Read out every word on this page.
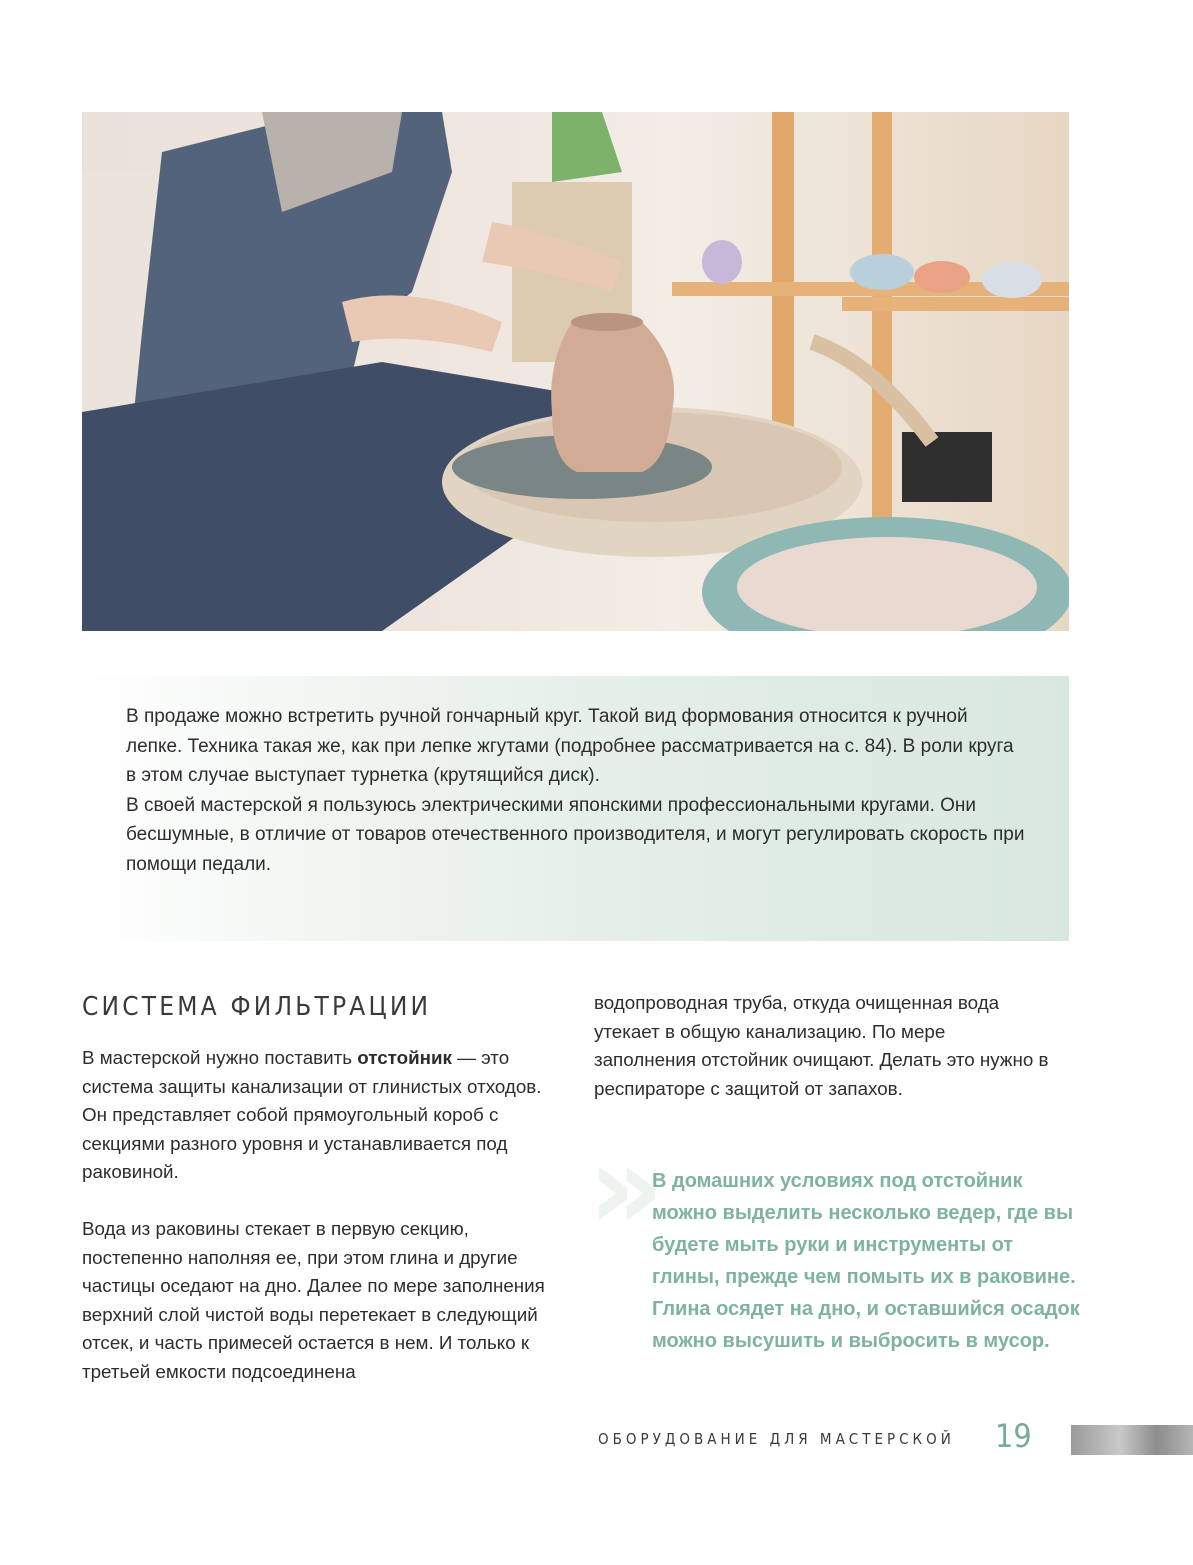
В продаже можно встретить ручной гончарный круг. Такой вид формования относится к ручной лепке. Техника такая же, как при лепке жгутами (подробнее рассматривается на с. 84). В роли круга в этом случае выступает турнетка (крутящийся диск).

В своей мастерской я пользуюсь электрическими японскими профессиональными кругами. Они бесшумные, в отличие от товаров отечественного производителя, и могут регулировать скорость при помощи педали.

СИСТЕМА ФИЛЬТРАЦИИ

В мастерской нужно поставить отстойник — это система защиты канализации от глинистых отходов. Он представляет собой прямоугольный короб с секциями разного уровня и устанавливается под раковиной.

Вода из раковины стекает в первую секцию, постепенно наполняя ее, при этом глина и другие частицы оседают на дно. Далее по мере заполнения верхний слой чистой воды перетекает в следующий отсек, и часть примесей остается в нем. И только к третьей емкости подсоединена

водопроводная труба, откуда очищенная вода утекает в общую канализацию. По мере заполнения отстойник очищают. Делать это нужно в респираторе с защитой от запахов.

»
В домашних условиях под отстойник можно выделить несколько ведер, где вы будете мыть руки и инструменты от глины, прежде чем помыть их в раковине. Глина осядет на дно, и оставшийся осадок можно высушить и выбросить в мусор.
ОБОРУДОВАНИЕ ДЛЯ МАСТЕРСКОЙ 19
